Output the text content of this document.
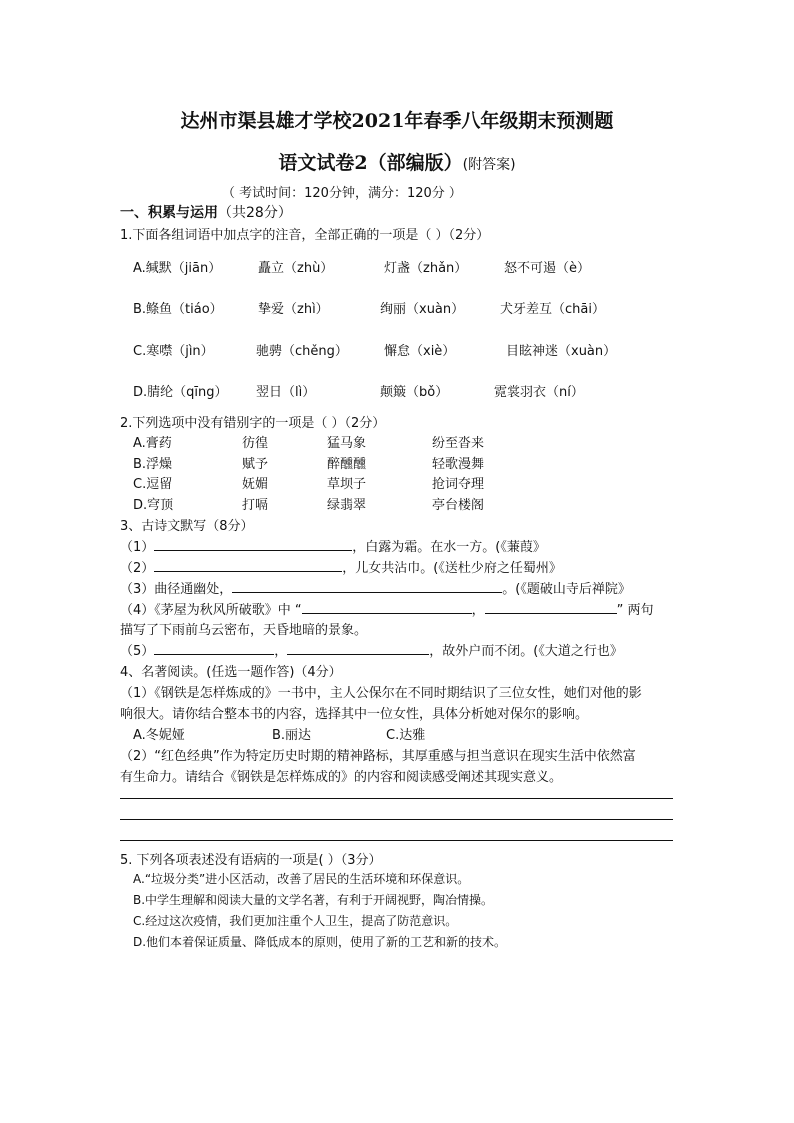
达州市渠县雄才学校2021年春季八年级期末预测题
语文试卷2（部编版）(附答案)
（ 考试时间：120分钟，满分：120分 ）
一、积累与运用（共28分）
1.下面各组词语中加点字的注音，全部正确的一项是（ ）（2分）
A.缄默（jiān）	矗立（zhù）	灯盏（zhǎn）	怒不可遏（è）
B.鲦鱼（tiáo）	挚爱（zhì）	绚丽（xuàn）	犬牙差互（chāi）
C.寒噤（jìn）	驰骋（chěng）	懈怠（xiè）	目眩神迷（xuàn）
D.腈纶（qīng） 翌日（lì）	颠簸（bǒ）	霓裳羽衣（ní）
2.下列选项中没有错别字的一项是（ ）（2分）
A.膏药	彷徨	猛马象	纷至沓来
B.浮燥	赋予	醉醺醺	轻歌漫舞
C.逗留	妩媚	草坝子	抢词夺理
D.穹顶	打嗝	绿翡翠	亭台楼阁
3、古诗文默写（8分）
（1）	，白露为霜。在水一方。(《蒹葭》
（2）	，儿女共沾巾。(《送杜少府之任蜀州》
（3）曲径通幽处，	。(《题破山寺后禅院》
（4）《茅屋为秋风所破歌》中 “	，	” 两句
描写了下雨前乌云密布，天昏地暗的景象。
（5）	，	，故外户而不闭。(《大道之行也》
4、名著阅读。(任选一题作答)（4分）
（1）《钢铁是怎样炼成的》一书中，主人公保尔在不同时期结识了三位女性，她们对他的影
响很大。请你结合整本书的内容，选择其中一位女性，具体分析她对保尔的影响。
A.冬妮娅	B.丽达	C.达雅
（2）“红色经典”作为特定历史时期的精神路标，其厚重感与担当意识在现实生活中依然富
有生命力。请结合《钢铁是怎样炼成的》的内容和阅读感受阐述其现实意义。
5. 下列各项表述没有语病的一项是( ）（3分）
A.“垃圾分类”进小区活动，改善了居民的生活环境和环保意识。
B.中学生理解和阅读大量的文学名著，有利于开阔视野，陶冶情操。
C.经过这次疫情，我们更加注重个人卫生，提高了防范意识。
D.他们本着保证质量、降低成本的原则，使用了新的工艺和新的技术。
